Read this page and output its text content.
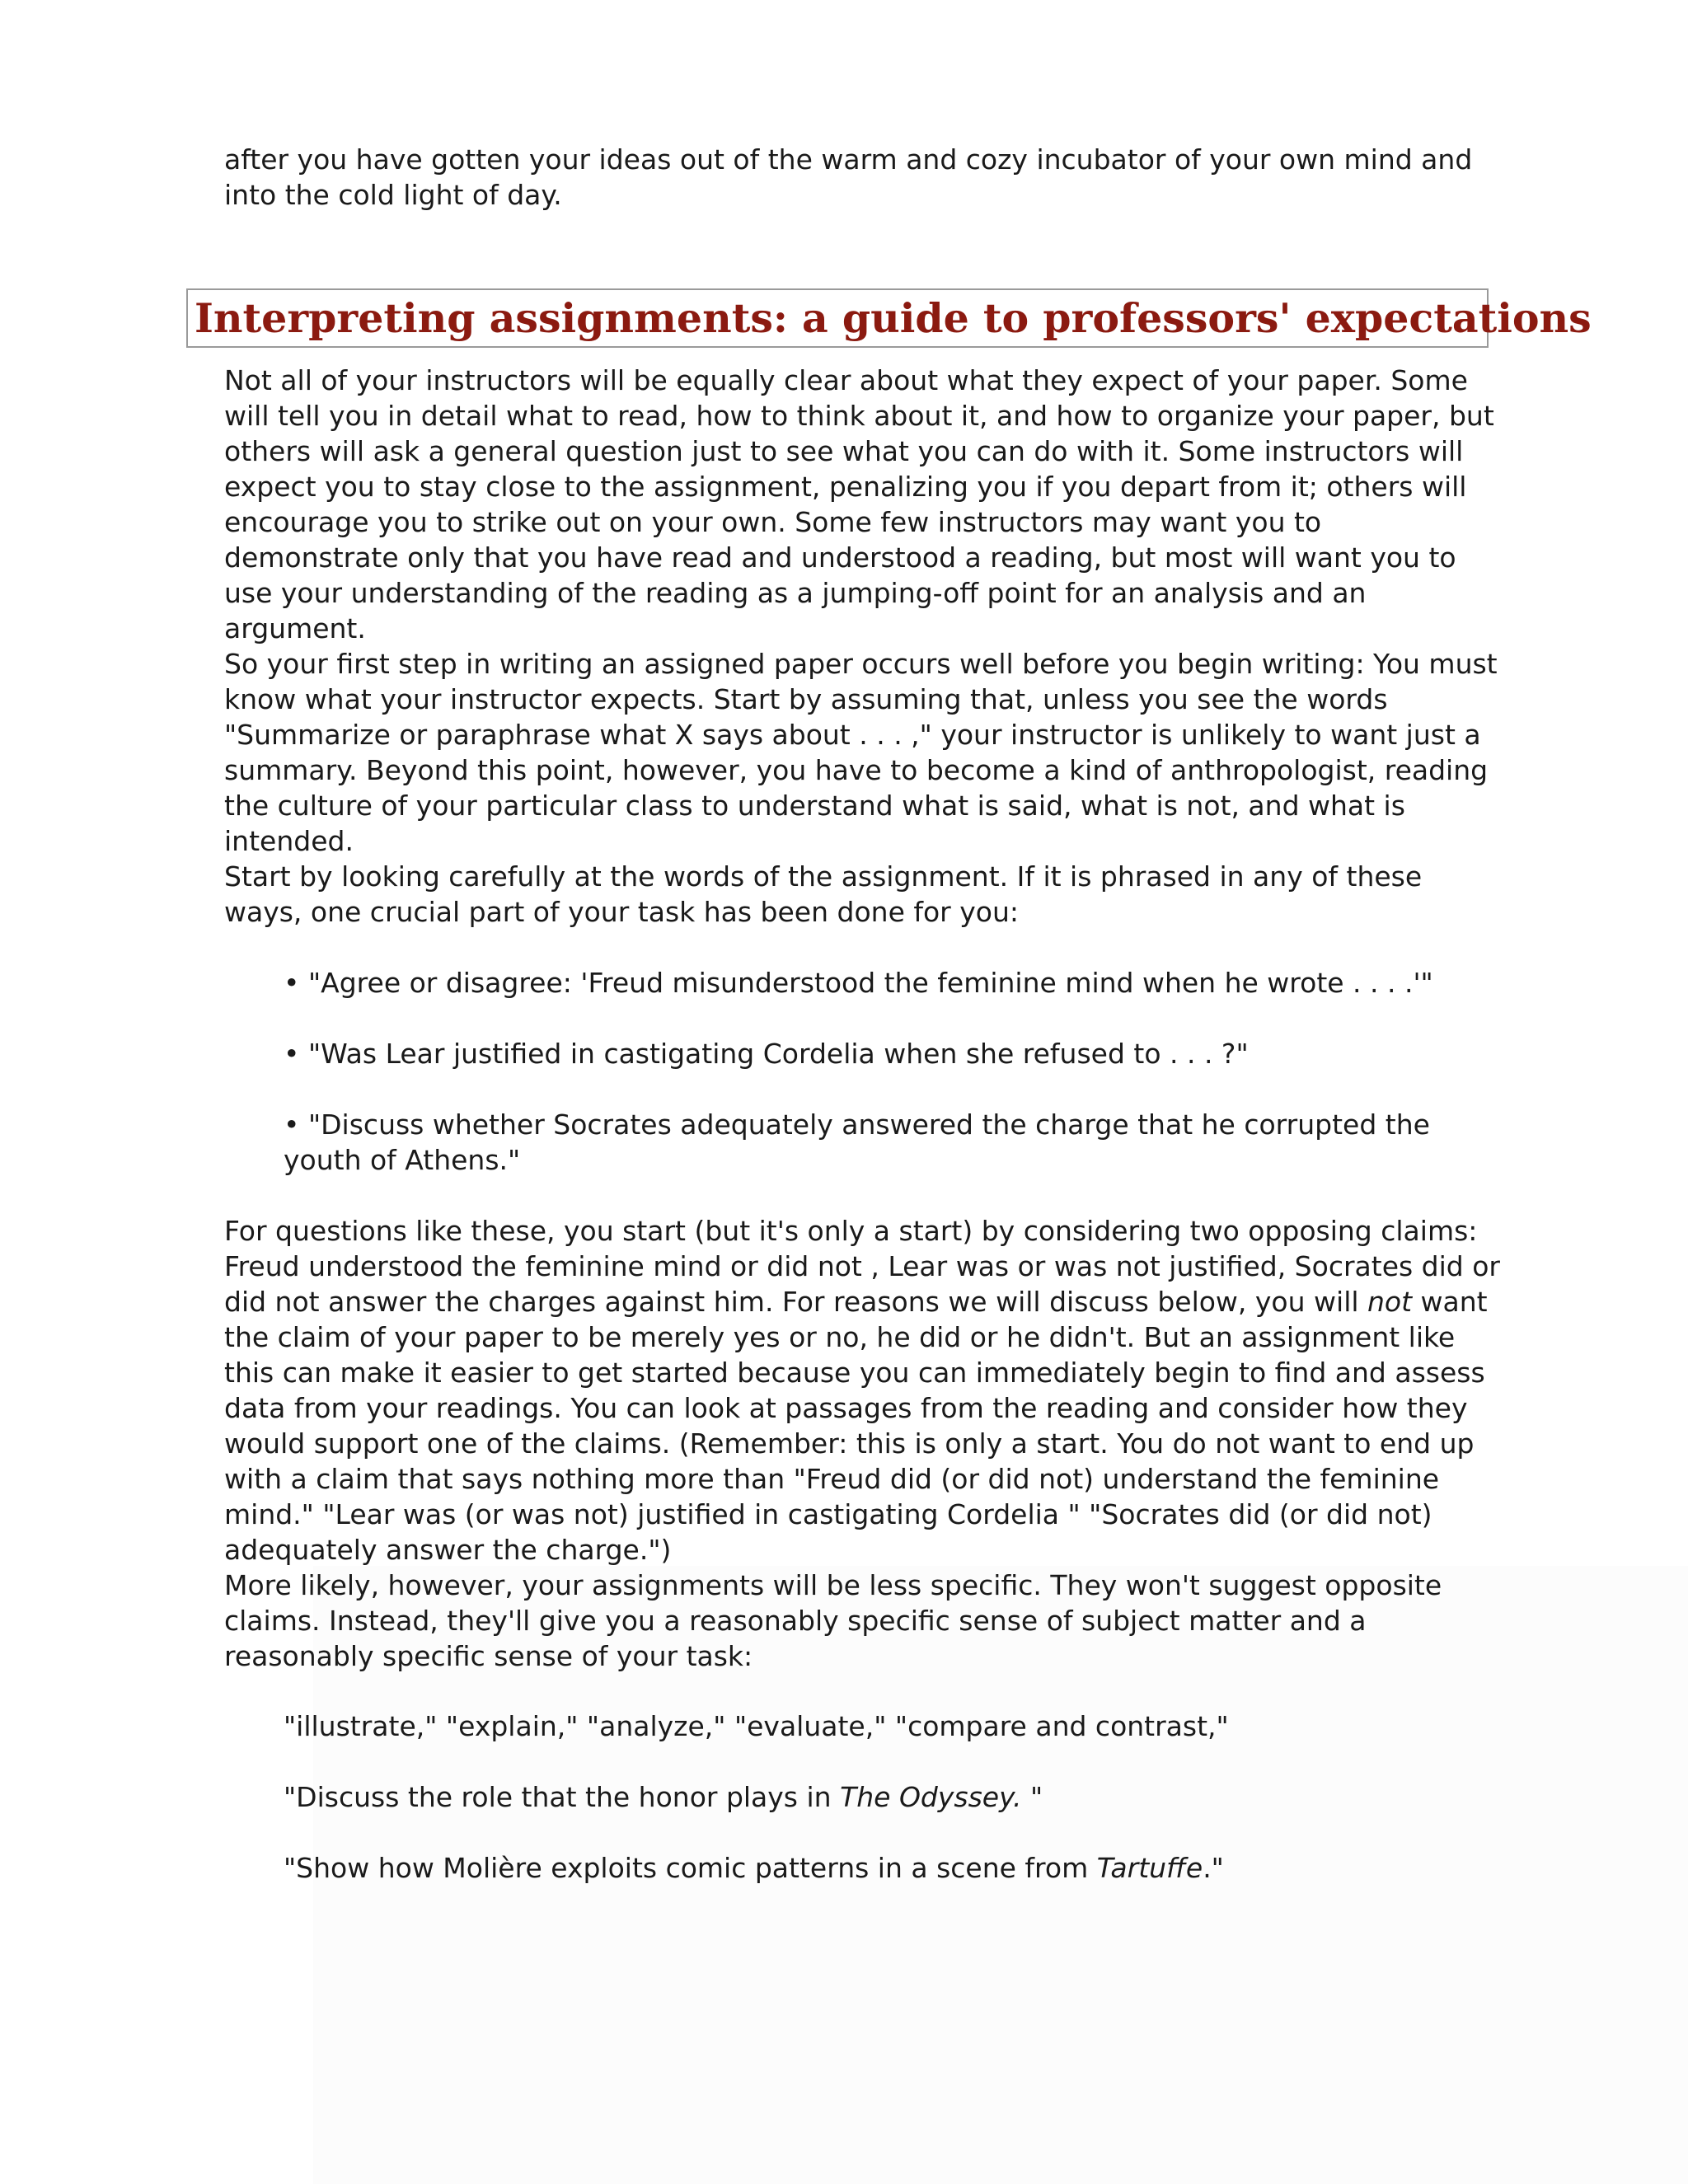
after you have gotten your ideas out of the warm and cozy incubator of your own mind and into the cold light of day.

Interpreting assignments: a guide to professors' expectations

Not all of your instructors will be equally clear about what they expect of your paper. Some will tell you in detail what to read, how to think about it, and how to organize your paper, but others will ask a general question just to see what you can do with it. Some instructors will expect you to stay close to the assignment, penalizing you if you depart from it; others will encourage you to strike out on your own. Some few instructors may want you to demonstrate only that you have read and understood a reading, but most will want you to use your understanding of the reading as a jumping-off point for an analysis and an argument.

So your first step in writing an assigned paper occurs well before you begin writing: You must know what your instructor expects. Start by assuming that, unless you see the words "Summarize or paraphrase what X says about . . . ," your instructor is unlikely to want just a summary. Beyond this point, however, you have to become a kind of anthropologist, reading the culture of your particular class to understand what is said, what is not, and what is intended.

Start by looking carefully at the words of the assignment. If it is phrased in any of these ways, one crucial part of your task has been done for you:

• "Agree or disagree: 'Freud misunderstood the feminine mind when he wrote . . . .'"

• "Was Lear justified in castigating Cordelia when she refused to . . . ?"

• "Discuss whether Socrates adequately answered the charge that he corrupted the youth of Athens."

For questions like these, you start (but it's only a start) by considering two opposing claims: Freud understood the feminine mind or did not , Lear was or was not justified, Socrates did or did not answer the charges against him. For reasons we will discuss below, you will not want the claim of your paper to be merely yes or no, he did or he didn't. But an assignment like this can make it easier to get started because you can immediately begin to find and assess data from your readings. You can look at passages from the reading and consider how they would support one of the claims. (Remember: this is only a start. You do not want to end up with a claim that says nothing more than "Freud did (or did not) understand the feminine mind." "Lear was (or was not) justified in castigating Cordelia " "Socrates did (or did not) adequately answer the charge.")

More likely, however, your assignments will be less specific. They won't suggest opposite claims. Instead, they'll give you a reasonably specific sense of subject matter and a reasonably specific sense of your task:

"illustrate," "explain," "analyze," "evaluate," "compare and contrast,"

"Discuss the role that the honor plays in The Odyssey. "

"Show how Molière exploits comic patterns in a scene from Tartuffe."
